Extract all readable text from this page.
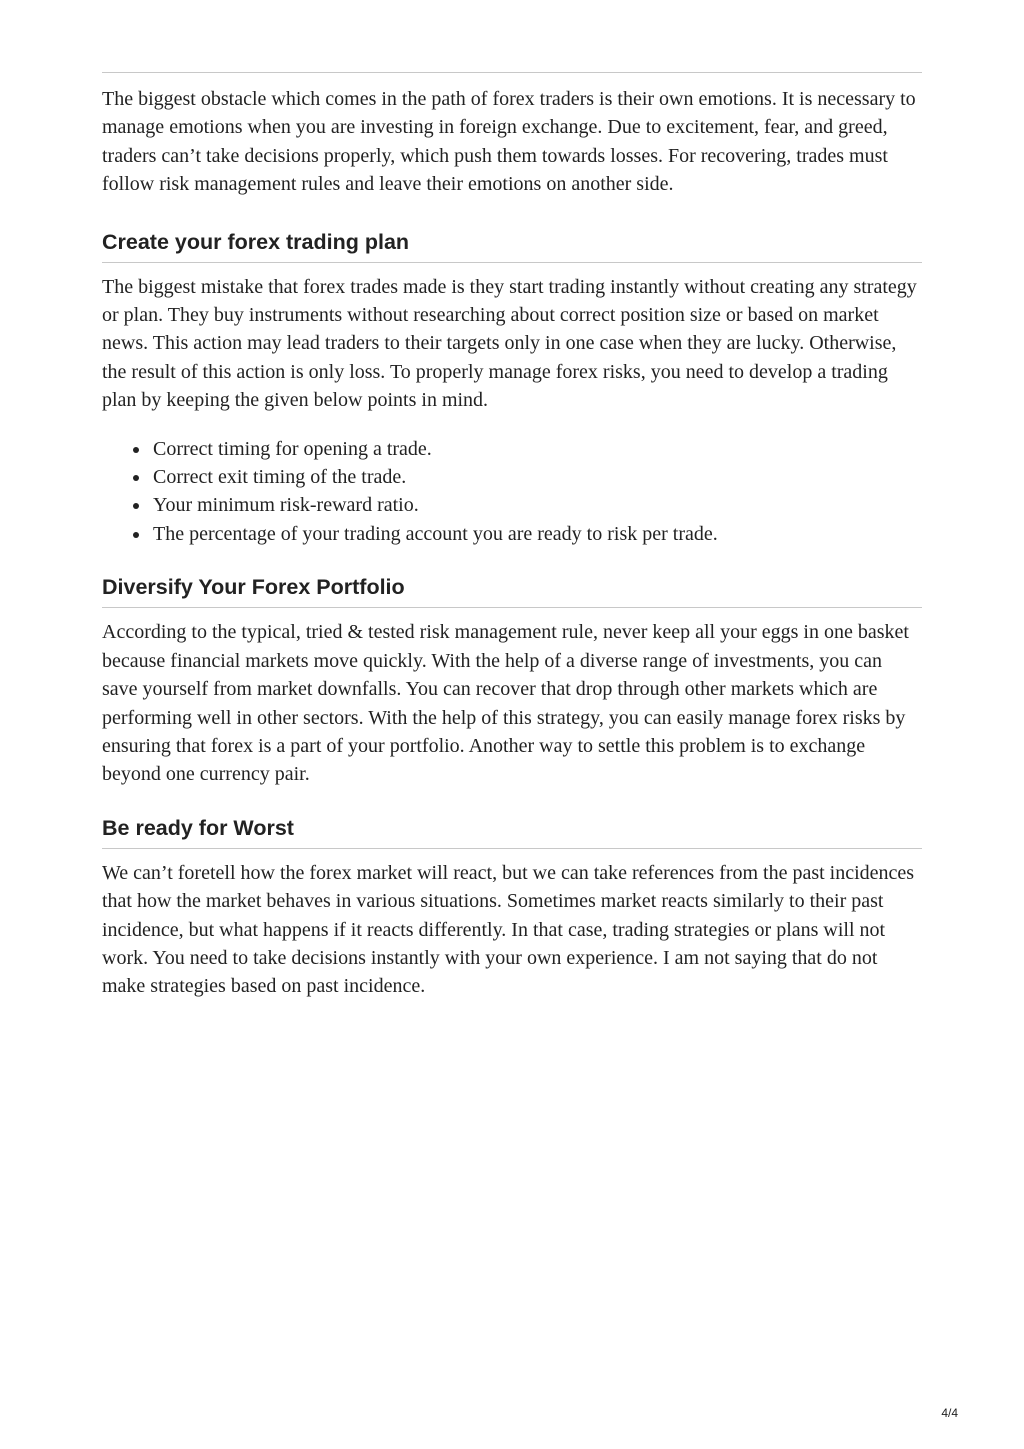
The biggest obstacle which comes in the path of forex traders is their own emotions. It is necessary to manage emotions when you are investing in foreign exchange. Due to excitement, fear, and greed, traders can’t take decisions properly, which push them towards losses. For recovering, trades must follow risk management rules and leave their emotions on another side.

Create your forex trading plan

The biggest mistake that forex trades made is they start trading instantly without creating any strategy or plan. They buy instruments without researching about correct position size or based on market news. This action may lead traders to their targets only in one case when they are lucky. Otherwise, the result of this action is only loss. To properly manage forex risks, you need to develop a trading plan by keeping the given below points in mind.

Correct timing for opening a trade.
Correct exit timing of the trade.
Your minimum risk-reward ratio.
The percentage of your trading account you are ready to risk per trade.
Diversify Your Forex Portfolio

According to the typical, tried & tested risk management rule, never keep all your eggs in one basket because financial markets move quickly. With the help of a diverse range of investments, you can save yourself from market downfalls. You can recover that drop through other markets which are performing well in other sectors. With the help of this strategy, you can easily manage forex risks by ensuring that forex is a part of your portfolio. Another way to settle this problem is to exchange beyond one currency pair.

Be ready for Worst

We can’t foretell how the forex market will react, but we can take references from the past incidences that how the market behaves in various situations. Sometimes market reacts similarly to their past incidence, but what happens if it reacts differently. In that case, trading strategies or plans will not work. You need to take decisions instantly with your own experience. I am not saying that do not make strategies based on past incidence.

4/4
